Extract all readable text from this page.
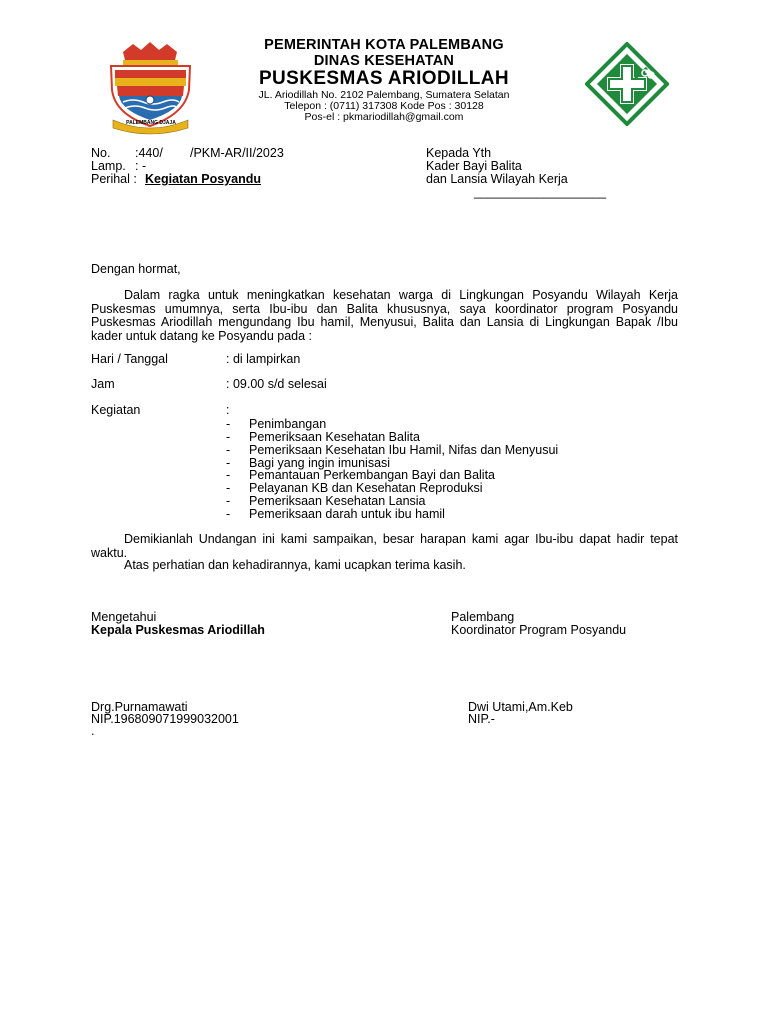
PALEMBANG DJAJA
PEMERINTAH KOTA PALEMBANG
DINAS KESEHATAN
PUSKESMAS ARIODILLAH
JL. Ariodillah No. 2102 Palembang, Sumatera Selatan
Telepon : (0711) 317308 Kode Pos : 30128
Pos-el : pkmariodillah@gmail.com
No. :440/ /PKM-AR/II/2023
Lamp. : -
Perihal : Kegiatan Posyandu
Kepada Yth
Kader Bayi Balita
dan Lansia Wilayah Kerja
___________________
Dengan hormat,
Dalam ragka untuk meningkatkan kesehatan warga di Lingkungan Posyandu Wilayah Kerja Puskesmas umumnya, serta Ibu-ibu dan Balita khususnya, saya koordinator program Posyandu Puskesmas Ariodillah mengundang Ibu hamil, Menyusui, Balita dan Lansia di Lingkungan Bapak /Ibu kader untuk datang ke Posyandu pada :
Hari / Tanggal	: di lampirkan
Jam	: 09.00 s/d selesai
Kegiatan	:
- Penimbangan
- Pemeriksaan Kesehatan Balita
- Pemeriksaan Kesehatan Ibu Hamil, Nifas dan Menyusui
- Bagi yang ingin imunisasi
- Pemantauan Perkembangan Bayi dan Balita
- Pelayanan KB dan Kesehatan Reproduksi
- Pemeriksaan Kesehatan Lansia
- Pemeriksaan darah untuk ibu hamil
Demikianlah Undangan ini kami sampaikan, besar harapan kami agar Ibu-ibu dapat hadir tepat waktu.
Atas perhatian dan kehadirannya, kami ucapkan terima kasih.
Mengetahui
Kepala Puskesmas Ariodillah
Drg.Purnamawati
NIP.196809071999032001
.
Palembang
Koordinator Program Posyandu
Dwi Utami,Am.Keb
NIP.-
